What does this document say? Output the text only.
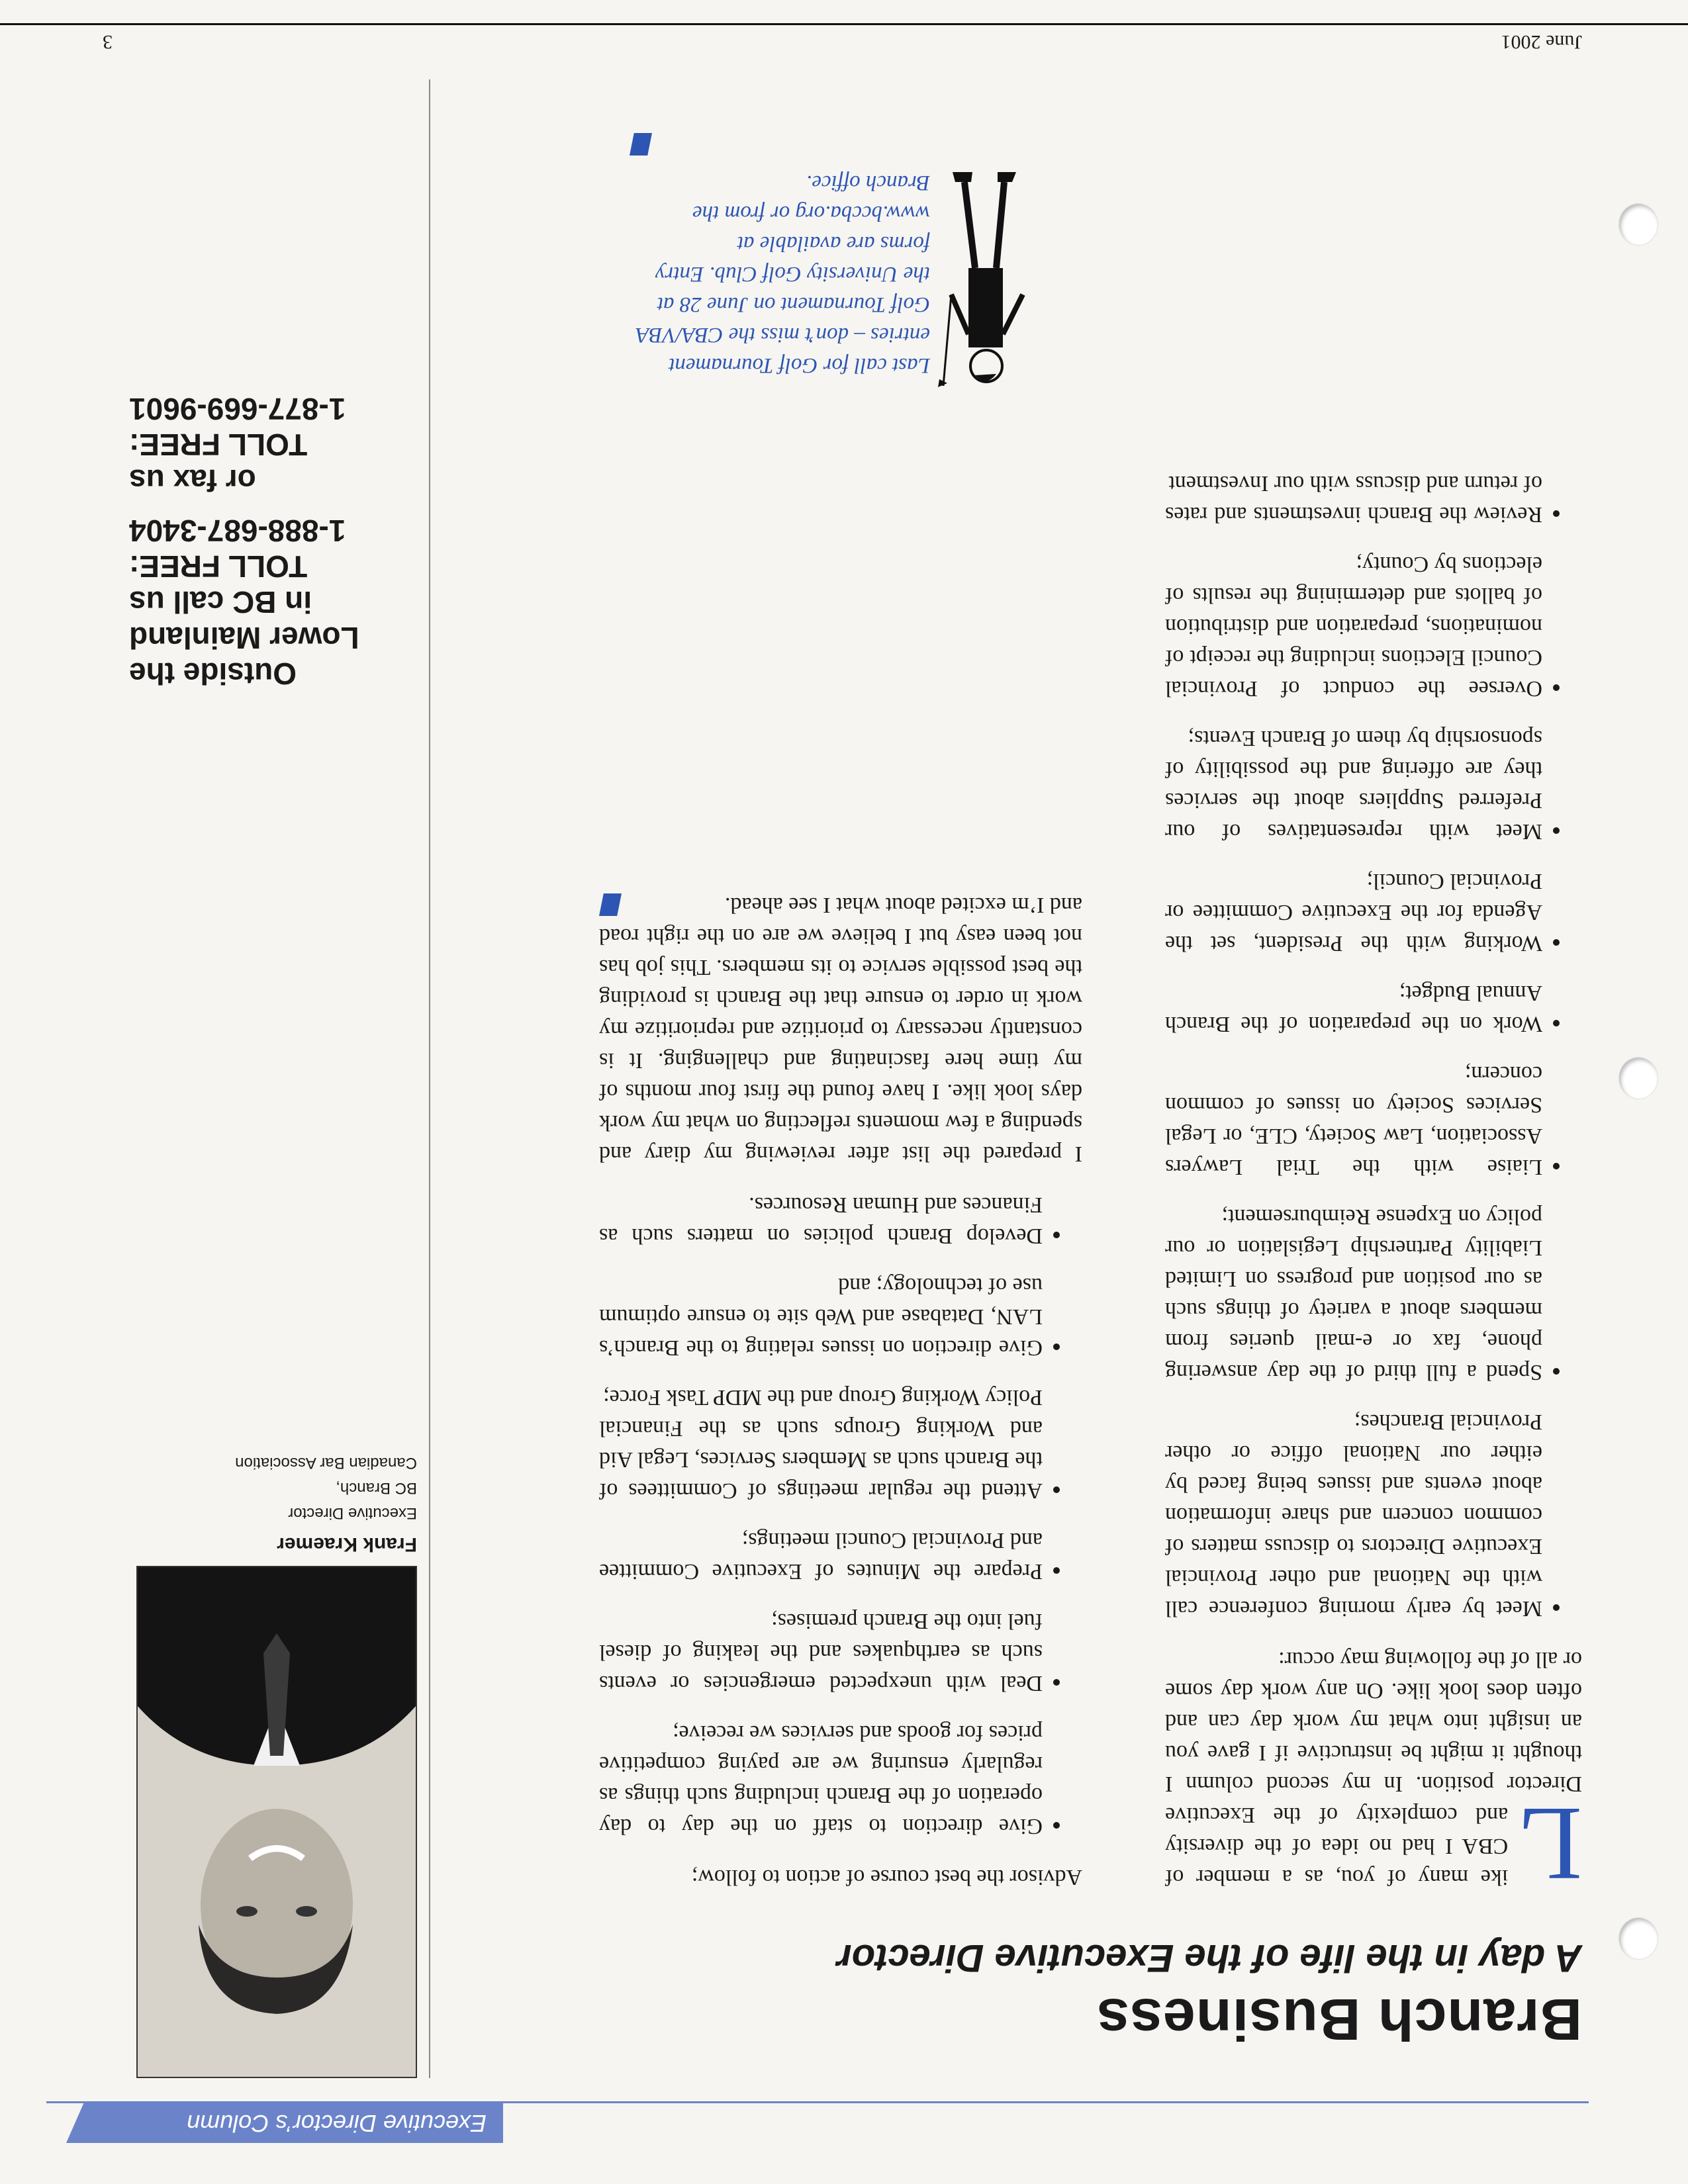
Executive Director’s Column
Branch Business
A day in the life of the Executive Director

L
ike many of you, as a member of CBA I had no idea of the diversity and complexity of the Executive Director position. In my second column I thought it might be instructive if I gave you an insight into what my work day can and often does look like. On any work day some or all of the following may occur:

• Meet by early morning conference call with the National and other Provincial Executive Directors to discuss matters of common concern and share information about events and issues being faced by either our National office or other Provincial Branches;
• Spend a full third of the day answering phone, fax or e-mail queries from members about a variety of things such as our position and progress on Limited Liability Partnership Legislation or our policy on Expense Reimbursement;
• Liaise with the Trial Lawyers Association, Law Society, CLE, or Legal Services Society on issues of common concern;
• Work on the preparation of the Branch Annual Budget;
• Working with the President, set the Agenda for the Executive Committee or Provincial Council;
• Meet with representatives of our Preferred Suppliers about the services they are offering and the possibility of sponsorship by them of Branch Events;
• Oversee the conduct of Provincial Council Elections including the receipt of nominations, preparation and distribution of ballots and determining the results of elections by County;
• Review the Branch investments and rates of return and discuss with our Investment

Advisor the best course of action to follow;

• Give direction to staff on the day to day operation of the Branch including such things as regularly ensuring we are paying competitive prices for goods and services we receive;
• Deal with unexpected emergencies or events such as earthquakes and the leaking of diesel fuel into the Branch premises;
• Prepare the Minutes of Executive Committee and Provincial Council meetings;
• Attend the regular meetings of Committees of the Branch such as Members Services, Legal Aid and Working Groups such as the Financial Policy Working Group and the MDP Task Force;
• Give direction on issues relating to the Branch’s LAN, Database and Web site to ensure optimum use of technology; and
• Develop Branch policies on matters such as Finances and Human Resources.

I prepared the list after reviewing my diary and spending a few moments reflecting on what my work days look like. I have found the first four months of my time here fascinating and challenging. It is constantly necessary to prioritize and reprioritize my work in order to ensure that the Branch is providing the best possible service to its members. This job has not been easy but I believe we are on the right road and I’m excited about what I see ahead.

Last call for Golf Tournament entries – don’t miss the CBA/VBA Golf Tournament on June 28 at the University Golf Club. Entry forms are available at www.bccba.org or from the Branch office.

Frank Kraemer

Executive Director

BC Branch,

Canadian Bar Association

Outside the

Lower Mainland

in BC call us

TOLL FREE:

1-888-687-3404

or fax us

TOLL FREE:

1-877-669-9601

June 2001
3
